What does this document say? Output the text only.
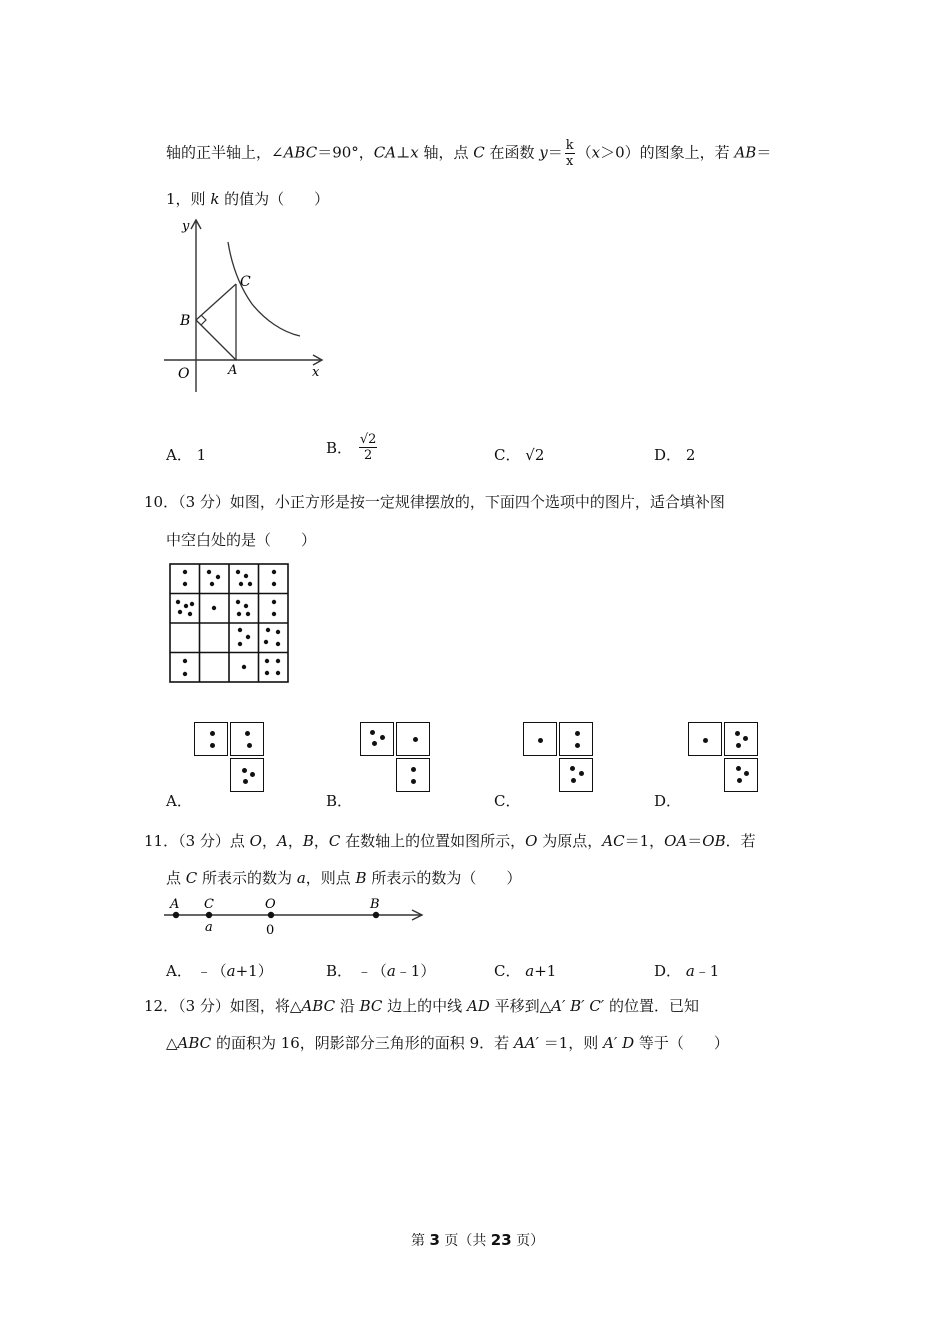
轴的正半轴上，∠ABC＝90°，CA⊥x 轴，点 C 在函数 $y= \frac{k}{x} (x>0)$的图象上，若 AB＝
1，则 k 的值为（　　）
y
x
O	A
B
C
A． 1	B． $\frac{√2}{2}$	C． √2	D． 2
10．（3 分）如图，小正方形是按一定规律摆放的，下面四个选项中的图片，适合填补图
中空白处的是（　　）
A．	B．	C．	D．
11．（3 分）点 O，A，B，C 在数轴上的位置如图所示，O 为原点，AC＝1，OA＝OB．若
点 C 所表示的数为 a，则点 B 所表示的数为（　　）
A C	O	B
a	0
A． ﹣（a+1）	B． ﹣（a﹣1）	C． a+1	D． a﹣1
12．（3 分）如图，将△ABC 沿 BC 边上的中线 AD 平移到△A′ B′ C′ 的位置．已知
△ABC 的面积为 16，阴影部分三角形的面积 9．若 AA′ ＝1，则 A′ D 等于（　　）
第 3 页（共 23 页）
